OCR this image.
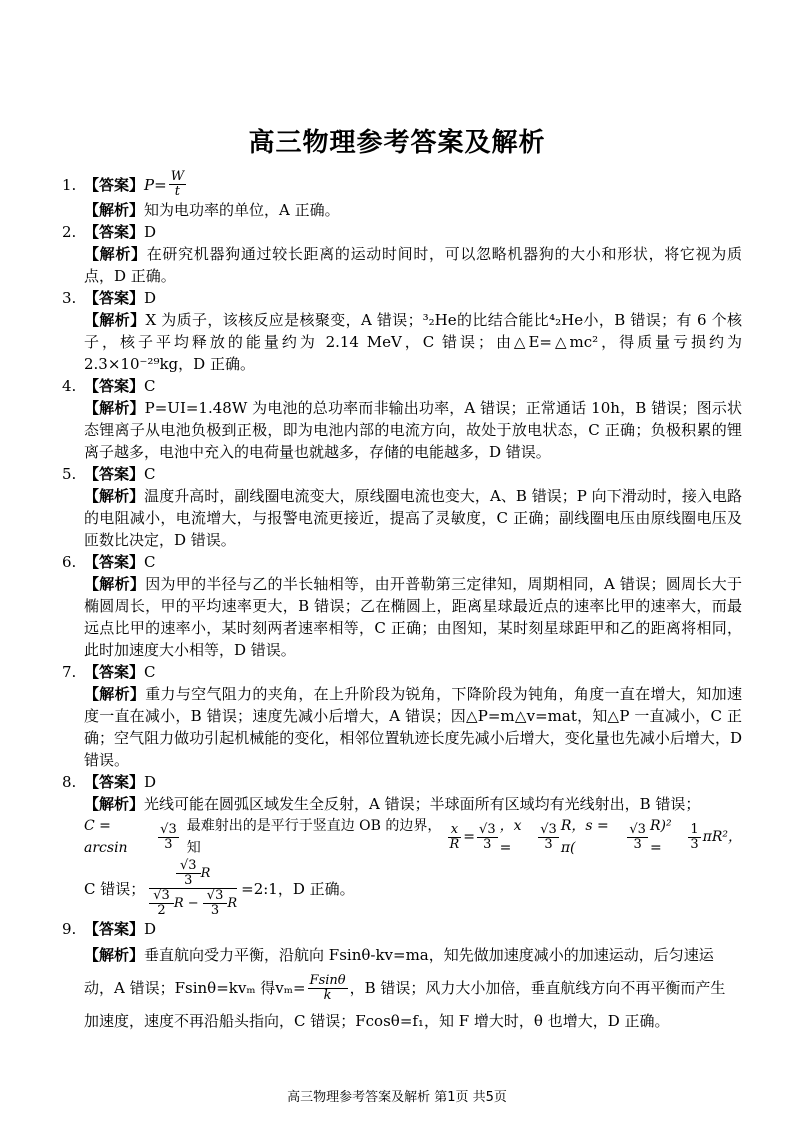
高三物理参考答案及解析
1. 【答案】 $P= \frac{W}{t}$
【解析】知为电功率的单位，A 正确。
2. 【答案】D
【解析】在研究机器狗通过较长距离的运动时间时，可以忽略机器狗的大小和形状，将它视为质点，D 正确。
3. 【答案】D
【解析】X 为质子，该核反应是核聚变，A 错误；³₂He的比结合能比⁴₂He小，B 错误；有 6 个核子，核子平均释放的能量约为 2.14 MeV，C 错误；由△E=△mc²，得质量亏损约为 2.3×10⁻²⁹kg，D 正确。
4. 【答案】C
【解析】P=UI=1.48W 为电池的总功率而非输出功率，A 错误；正常通话 10h，B 错误；图示状态锂离子从电池负极到正极，即为电池内部的电流方向，故处于放电状态，C 正确；负极积累的锂离子越多，电池中充入的电荷量也就越多，存储的电能越多，D 错误。
5. 【答案】C
【解析】温度升高时，副线圈电流变大，原线圈电流也变大，A、B 错误；P 向下滑动时，接入电路的电阻减小，电流增大，与报警电流更接近，提高了灵敏度，C 正确；副线圈电压由原线圈电压及匝数比决定，D 错误。
6. 【答案】C
【解析】因为甲的半径与乙的半长轴相等，由开普勒第三定律知，周期相同，A 错误；圆周长大于椭圆周长，甲的平均速率更大，B 错误；乙在椭圆上，距离星球最近点的速率比甲的速率大，而最远点比甲的速率小，某时刻两者速率相等，C 正确；由图知，某时刻星球距甲和乙的距离将相同，此时加速度大小相等，D 错误。
7. 【答案】C
【解析】重力与空气阻力的夹角，在上升阶段为锐角，下降阶段为钝角，角度一直在增大，知加速度一直在减小，B 错误；速度先减小后增大，A 错误；因△P=m△v=mat，知△P 一直减小，C 正确；空气阻力做功引起机械能的变化，相邻位置轨迹长度先减小后增大，变化量也先减小后增大，D 错误。
8. 【答案】D
【解析】光线可能在圆弧区域发生全反射，A 错误；半球面所有区域均有光线射出，B 错误；
C = arcsin	$\frac{√3}{3}$ 最难射出的是平行于竖直边 OB 的边界，知	$\frac{x}{R} = \frac{√3}{3}$ ，x =	$\frac{√3}{3}$ R，s = π(	$\frac{√3}{3} R)^2$ =	$\frac{1}{3} \pi R^2$，
C 错误； $\frac{\frac{√3}{3} R}{\frac{√3}{2} R - \frac{√3}{3} R}$ =2:1，D 正确。
9. 【答案】D
【解析】垂直航向受力平衡，沿航向 Fsinθ-kv=ma，知先做加速度减小的加速运动，后匀速运
动，A 错误；Fsinθ=kvₘ 得$v_m= \frac{Fsin\theta}{k}$ ，B 错误；风力大小加倍，垂直航线方向不再平衡而产生
加速度，速度不再沿船头指向，C 错误；Fcosθ=f₁，知 F 增大时，θ 也增大，D 正确。
高三物理参考答案及解析 第1页 共5页
